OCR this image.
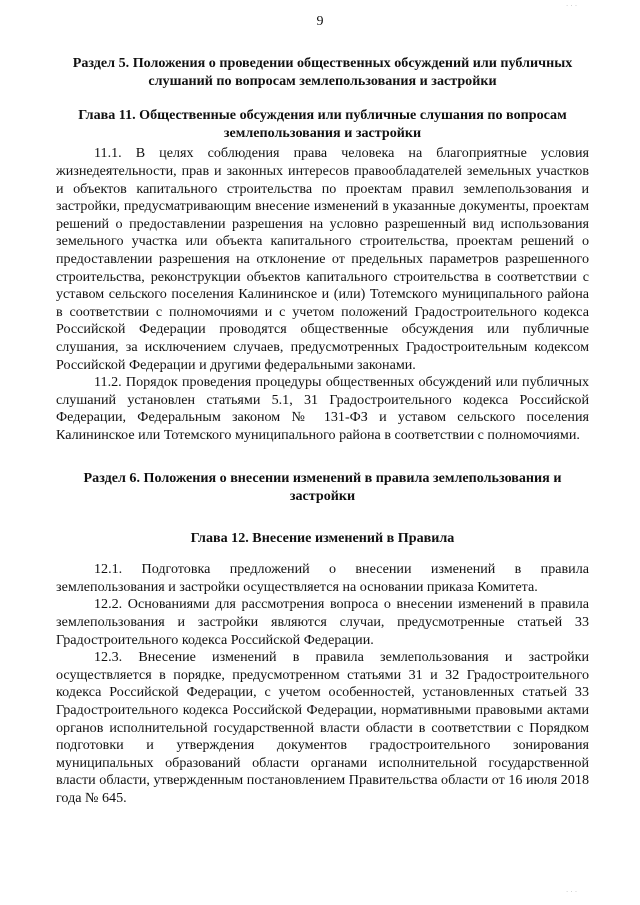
· · ·
9

Раздел 5. Положения о проведении общественных обсуждений или публичных слушаний по вопросам землепользования и застройки

Глава 11. Общественные обсуждения или публичные слушания по вопросам землепользования и застройки

11.1. В целях соблюдения права человека на благоприятные условия жизнедеятельности, прав и законных интересов правообладателей земельных участков и объектов капитального строительства по проектам правил землепользования и застройки, предусматривающим внесение изменений в указанные документы, проектам решений о предоставлении разрешения на условно разрешенный вид использования земельного участка или объекта капитального строительства, проектам решений о предоставлении разрешения на отклонение от предельных параметров разрешенного строительства, реконструкции объектов капитального строительства в соответствии с уставом сельского поселения Калининское и (или) Тотемского муниципального района в соответствии с полномочиями и с учетом положений Градостроительного кодекса Российской Федерации проводятся общественные обсуждения или публичные слушания, за исключением случаев, предусмотренных Градостроительным кодексом Российской Федерации и другими федеральными законами.

11.2. Порядок проведения процедуры общественных обсуждений или публичных слушаний установлен статьями 5.1, 31 Градостроительного кодекса Российской Федерации, Федеральным законом № 131-ФЗ и уставом сельского поселения Калининское или Тотемского муниципального района в соответствии с полномочиями.

Раздел 6. Положения о внесении изменений в правила землепользования и застройки

Глава 12. Внесение изменений в Правила

12.1. Подготовка предложений о внесении изменений в правила землепользования и застройки осуществляется на основании приказа Комитета.

12.2. Основаниями для рассмотрения вопроса о внесении изменений в правила землепользования и застройки являются случаи, предусмотренные статьей 33 Градостроительного кодекса Российской Федерации.

12.3. Внесение изменений в правила землепользования и застройки осуществляется в порядке, предусмотренном статьями 31 и 32 Градостроительного кодекса Российской Федерации, с учетом особенностей, установленных статьей 33 Градостроительного кодекса Российской Федерации, нормативными правовыми актами органов исполнительной государственной власти области в соответствии с Порядком подготовки и утверждения документов градостроительного зонирования муниципальных образований области органами исполнительной государственной власти области, утвержденным постановлением Правительства области от 16 июля 2018 года № 645.

· · ·
